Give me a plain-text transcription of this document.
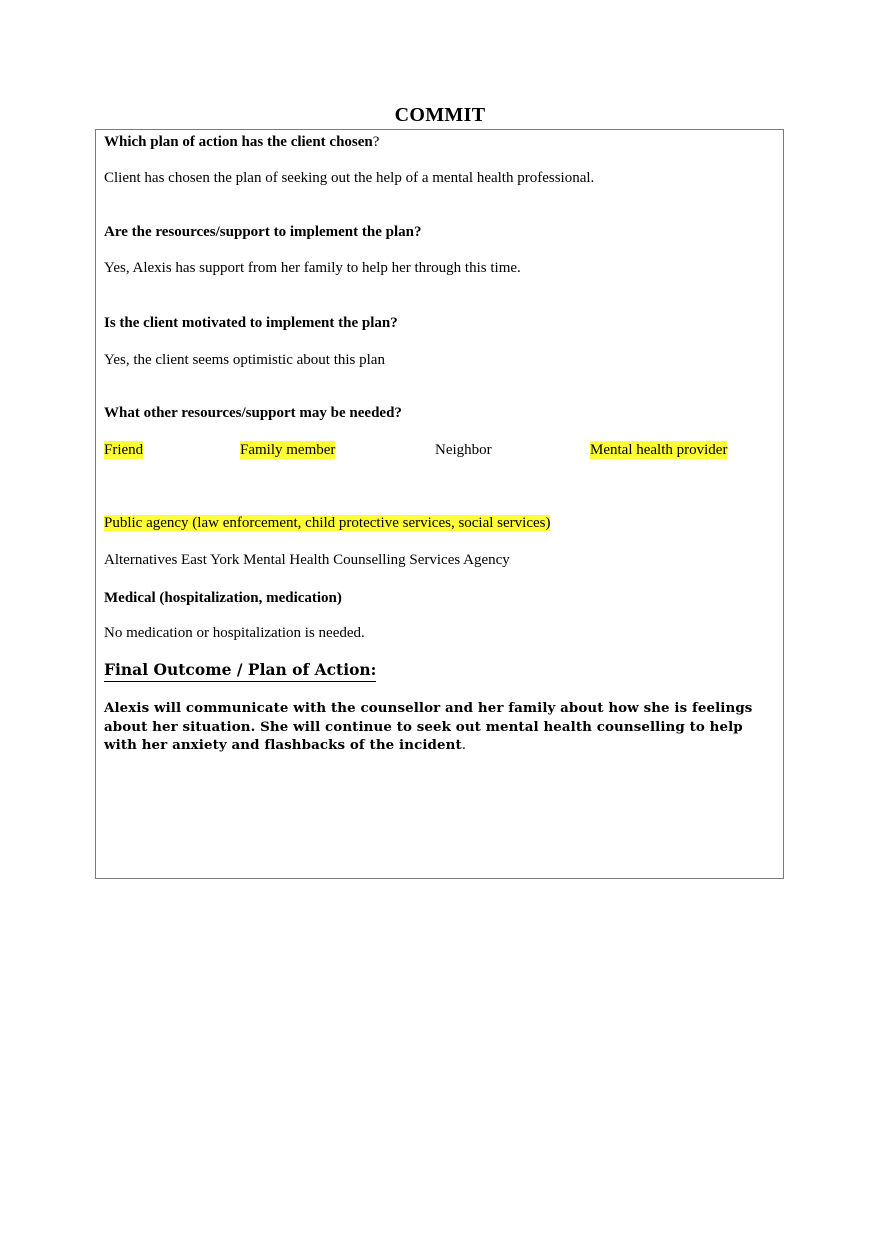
COMMIT
Which plan of action has the client chosen?
Client has chosen the plan of seeking out the help of a mental health professional.
Are the resources/support to implement the plan?
Yes, Alexis has support from her family to help her through this time.
Is the client motivated to implement the plan?
Yes, the client seems optimistic about this plan
What other resources/support may be needed?
Friend	Family member	Neighbor	Mental health provider
Public agency (law enforcement, child protective services, social services)
Alternatives East York Mental Health Counselling Services Agency
Medical (hospitalization, medication)
No medication or hospitalization is needed.
Final Outcome / Plan of Action:
Alexis will communicate with the counsellor and her family about how she is feelings about her situation. She will continue to seek out mental health counselling to help with her anxiety and flashbacks of the incident.
